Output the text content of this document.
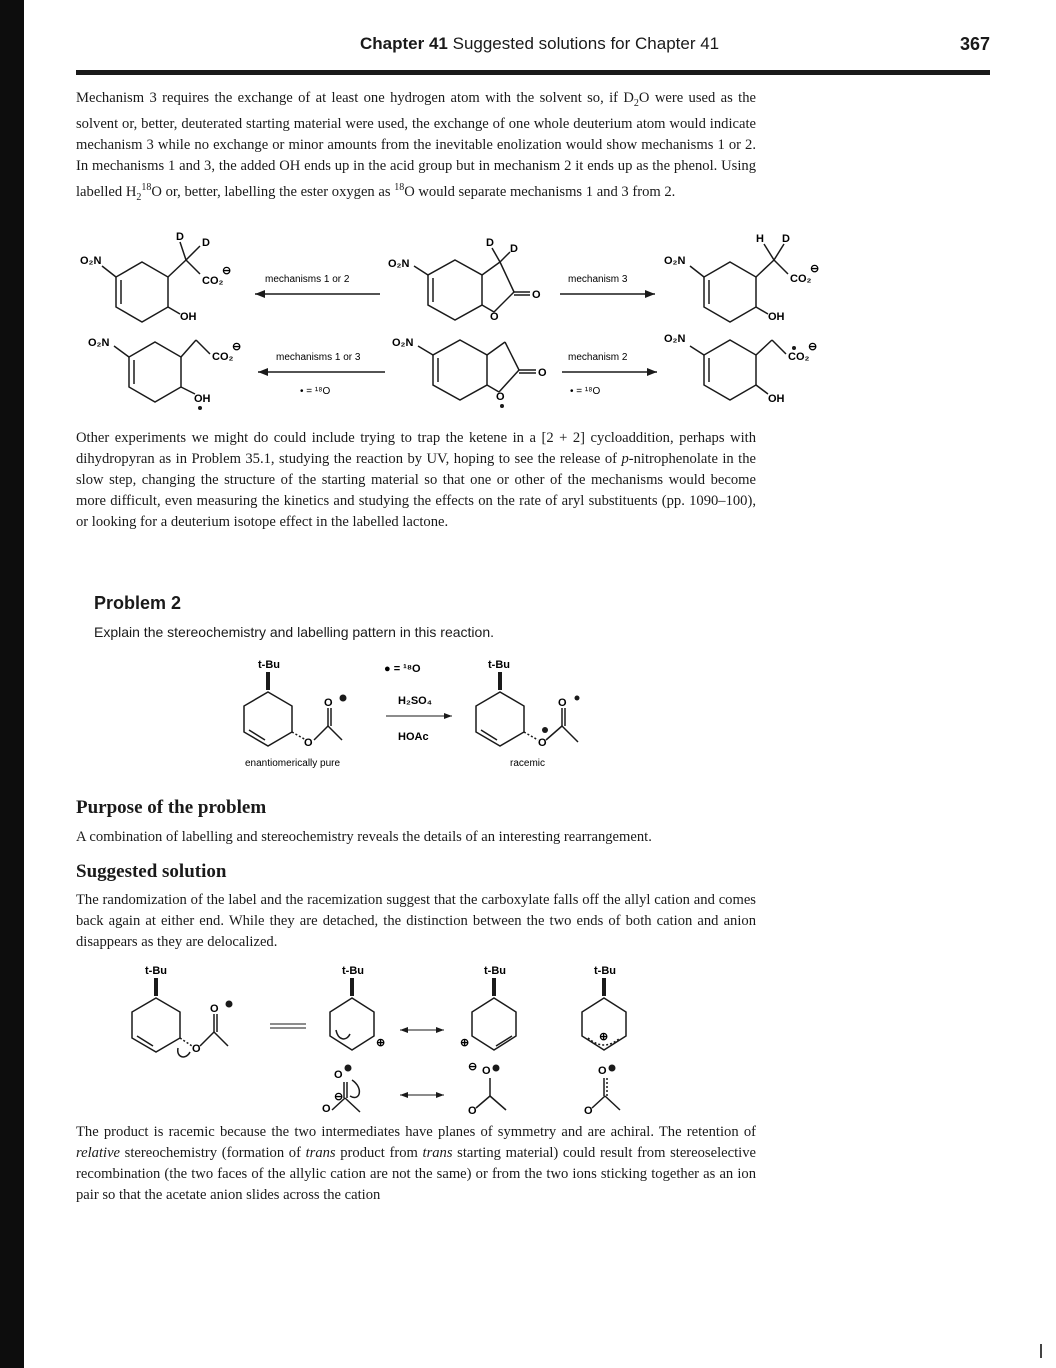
Chapter 41 Suggested solutions for Chapter 41	367

Mechanism 3 requires the exchange of at least one hydrogen atom with the solvent so, if $D_2O$ were used as the solvent or, better, deuterated starting material were used, the exchange of one whole deuterium atom would indicate mechanism 3 while no exchange or minor amounts from the inevitable enolization would show mechanisms 1 or 2. In mechanisms 1 and 3, the added OH ends up in the acid group but in mechanism 2 it ends up as the phenol. Using labelled $H_2^{18}O$ or, better, labelling the ester oxygen as $^{18}$O would separate mechanisms 1 and 3 from 2.

O₂N
D D
CO₂
⊖
OH
mechanisms 1 or 2
O₂N
D D
O
O
mechanism 3
O₂N
H D
CO₂
⊖
OH
O₂N
CO₂
⊖
OH
mechanisms 1 or 3
• = ¹⁸O
O₂N
O
O
mechanism 2
• = ¹⁸O
O₂N
CO₂
⊖
OH

Other experiments we might do could include trying to trap the ketene in a [2 + 2] cycloaddition, perhaps with dihydropyran as in Problem 35.1, studying the reaction by UV, hoping to see the release of p-nitrophenolate in the slow step, changing the structure of the starting material so that one or other of the mechanisms would become more difficult, even measuring the kinetics and studying the effects on the rate of aryl substituents (pp. 1090–100), or looking for a deuterium isotope effect in the labelled lactone.

Problem 2
Explain the stereochemistry and labelling pattern in this reaction.
t-Bu
O
O
enantiomerically pure
● = ¹⁸O
H₂SO₄
HOAc
t-Bu
O
O
racemic
Purpose of the problem

A combination of labelling and stereochemistry reveals the details of an interesting rearrangement.

Suggested solution

The randomization of the label and the racemization suggest that the carboxylate falls off the allyl cation and comes back again at either end. While they are detached, the distinction between the two ends of both cation and anion disappears as they are delocalized.

t-Bu
O
O
t-Bu
⊕
t-Bu
⊕
t-Bu
⊕
O
O
⊖
⊖ O
O
O
O

The product is racemic because the two intermediates have planes of symmetry and are achiral. The retention of relative stereochemistry (formation of trans product from trans starting material) could result from stereoselective recombination (the two faces of the allylic cation are not the same) or from the two ions sticking together as an ion pair so that the acetate anion slides across the cation
